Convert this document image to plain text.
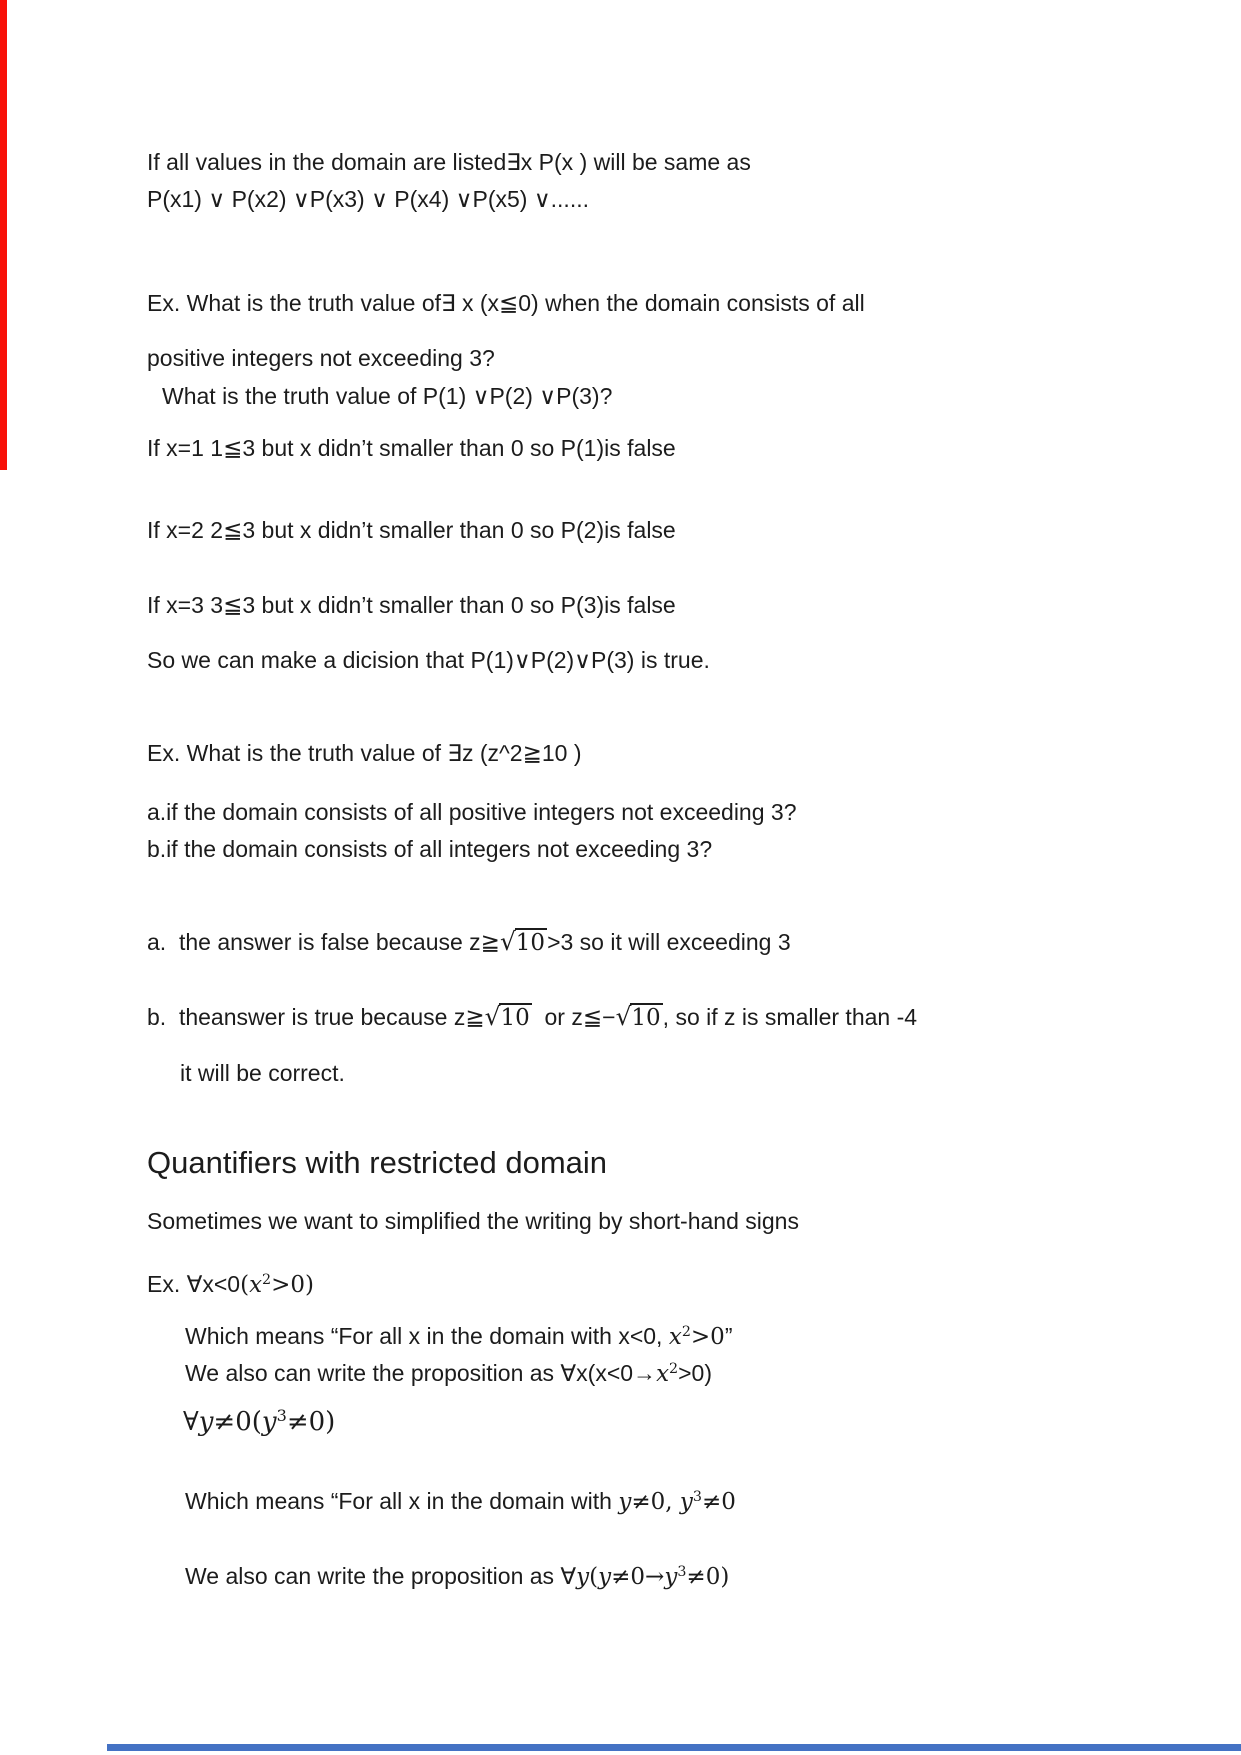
If all values in the domain are listed∃x P(x ) will be same as
P(x1) ∨ P(x2) ∨P(x3) ∨ P(x4) ∨P(x5) ∨......
Ex. What is the truth value of∃ x (x≦0) when the domain consists of all
positive integers not exceeding 3?
What is the truth value of P(1) ∨P(2) ∨P(3)?
If x=1 1≦3 but x didn’t smaller than 0 so P(1)is false
If x=2 2≦3 but x didn’t smaller than 0 so P(2)is false
If x=3 3≦3 but x didn’t smaller than 0 so P(3)is false
So we can make a dicision that P(1)∨P(2)∨P(3) is true.
Ex. What is the truth value of ∃z (z^2≧10 )
a.if the domain consists of all positive integers not exceeding 3?
b.if the domain consists of all integers not exceeding 3?
a.  the answer is false because z≧√10>3 so it will exceeding 3
b.  theanswer is true because z≧√10  or z≦−√10, so if z is smaller than -4
it will be correct.
Quantifiers with restricted domain
Sometimes we want to simplified the writing by short-hand signs
Ex. $\forall x<0(x^2>0)$
Which means “For all x in the domain with x<0, $x^2>0$”
We also can write the proposition as $\forall x(x<0\to x^2>0)$
$\forall y\ne 0(y^3\ne 0)$
Which means “For all x in the domain with y≠0, $y^3\ne 0$
We also can write the proposition as $\forall y(y\ne 0\to y^3\ne 0)$
